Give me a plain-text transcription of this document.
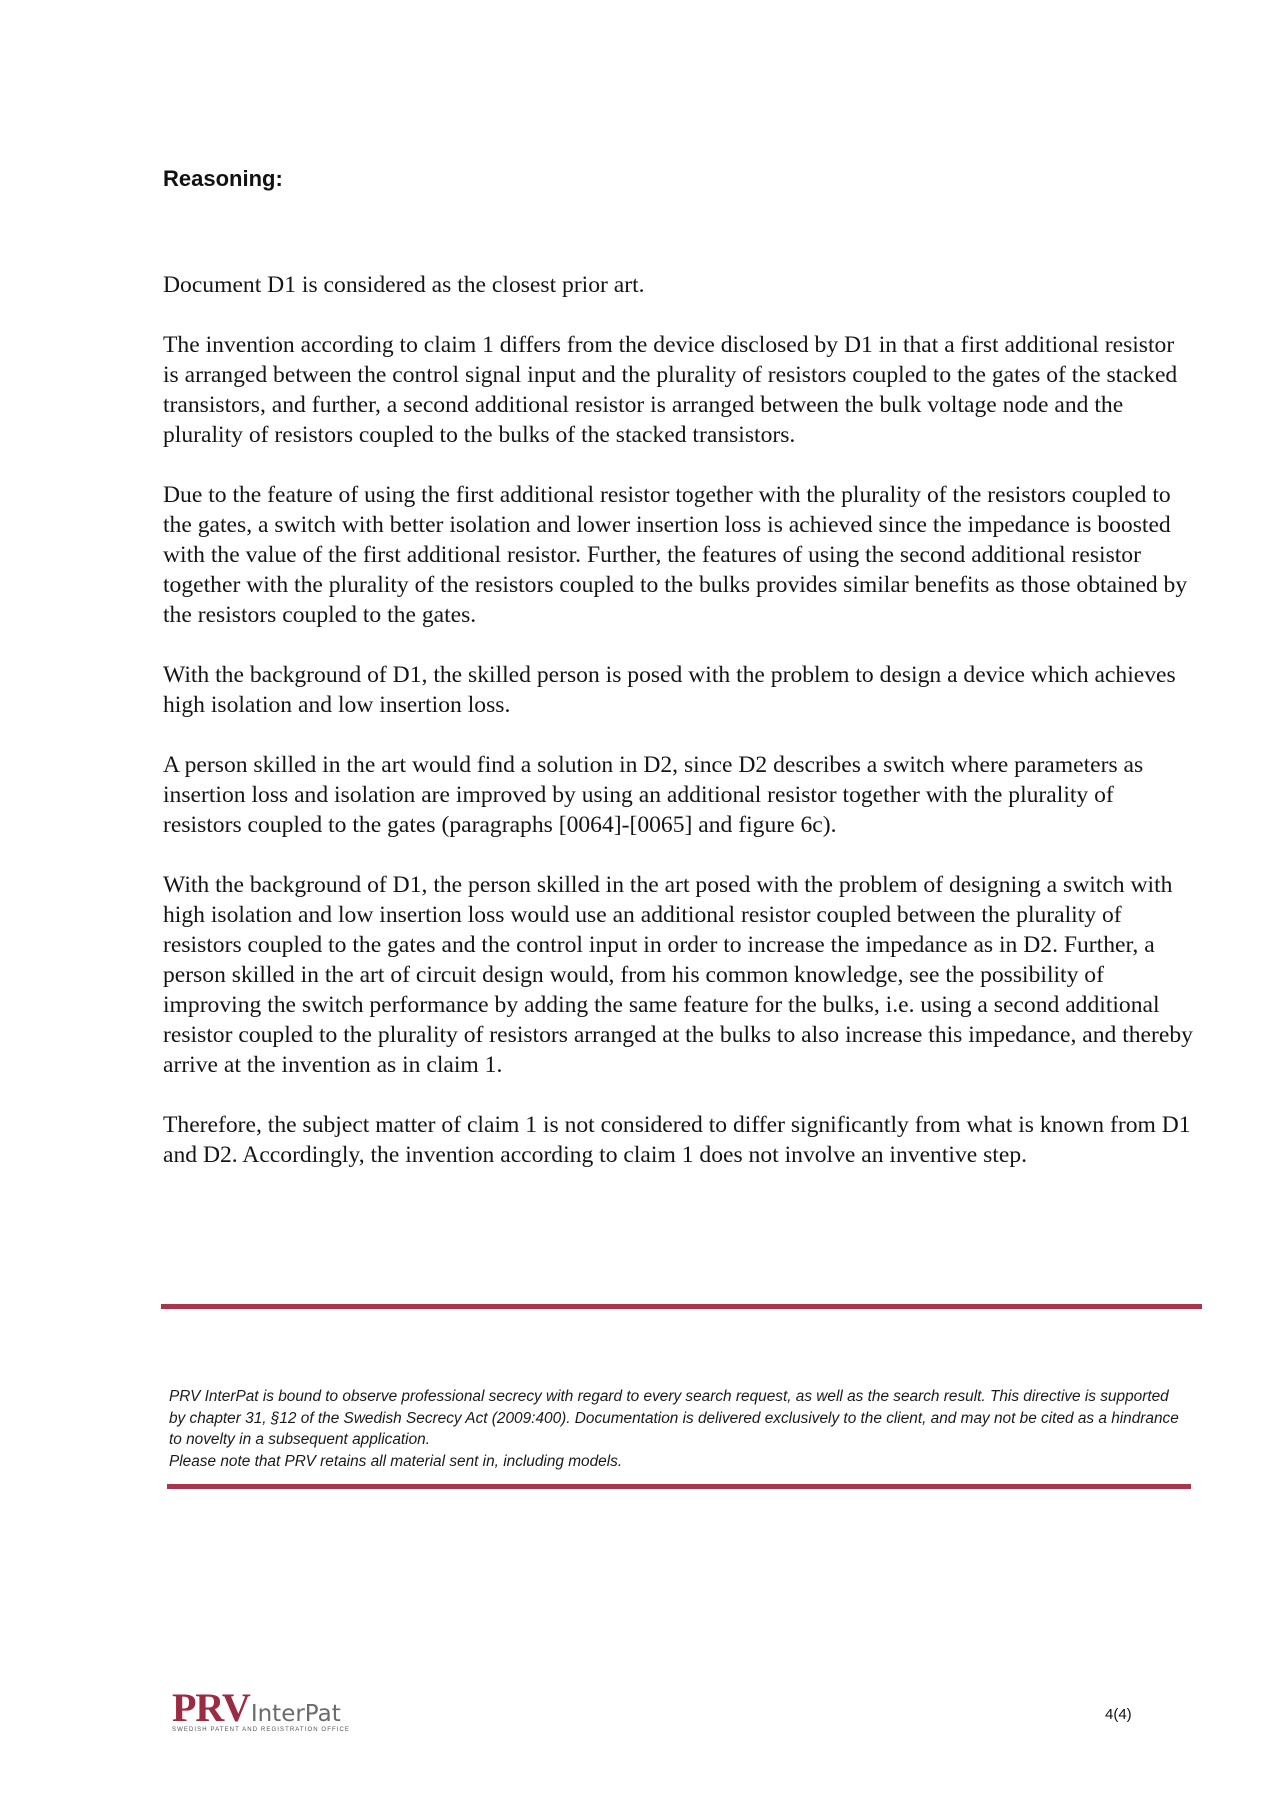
Reasoning:

Document D1 is considered as the closest prior art.

The invention according to claim 1 differs from the device disclosed by D1 in that a first additional resistor is arranged between the control signal input and the plurality of resistors coupled to the gates of the stacked transistors, and further, a second additional resistor is arranged between the bulk voltage node and the plurality of resistors coupled to the bulks of the stacked transistors.

Due to the feature of using the first additional resistor together with the plurality of the resistors coupled to the gates, a switch with better isolation and lower insertion loss is achieved since the impedance is boosted with the value of the first additional resistor. Further, the features of using the second additional resistor together with the plurality of the resistors coupled to the bulks provides similar benefits as those obtained by the resistors coupled to the gates.

With the background of D1, the skilled person is posed with the problem to design a device which achieves high isolation and low insertion loss.

A person skilled in the art would find a solution in D2, since D2 describes a switch where parameters as insertion loss and isolation are improved by using an additional resistor together with the plurality of resistors coupled to the gates (paragraphs [0064]-[0065] and figure 6c).

With the background of D1, the person skilled in the art posed with the problem of designing a switch with high isolation and low insertion loss would use an additional resistor coupled between the plurality of resistors coupled to the gates and the control input in order to increase the impedance as in D2. Further, a person skilled in the art of circuit design would, from his common knowledge, see the possibility of improving the switch performance by adding the same feature for the bulks, i.e. using a second additional resistor coupled to the plurality of resistors arranged at the bulks to also increase this impedance, and thereby arrive at the invention as in claim 1.

Therefore, the subject matter of claim 1 is not considered to differ significantly from what is known from D1 and D2. Accordingly, the invention according to claim 1 does not involve an inventive step.

PRV InterPat is bound to observe professional secrecy with regard to every search request, as well as the search result. This directive is supported by chapter 31, §12 of the Swedish Secrecy Act (2009:400). Documentation is delivered exclusively to the client, and may not be cited as a hindrance to novelty in a subsequent application.

Please note that PRV retains all material sent in, including models.

PRVInterPat
SWEDISH PATENT AND REGISTRATION OFFICE
4(4)
